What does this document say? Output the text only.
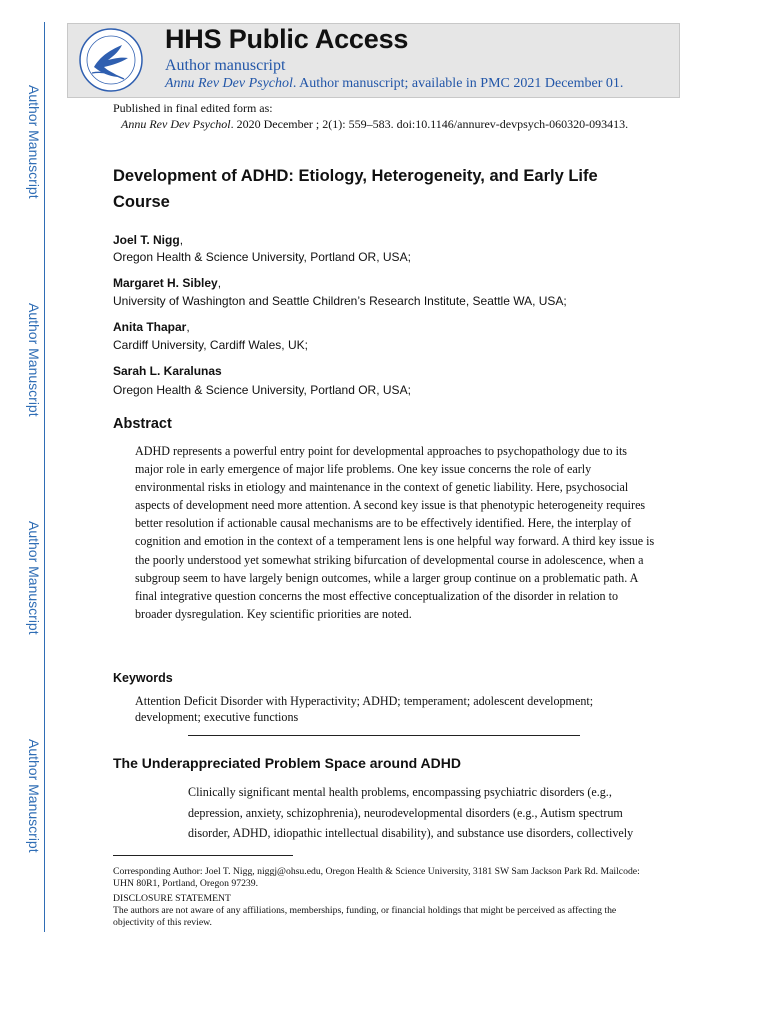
Author Manuscript
Author Manuscript
Author Manuscript
Author Manuscript
HHS Public Access
Author manuscript
Annu Rev Dev Psychol. Author manuscript; available in PMC 2021 December 01.
Published in final edited form as:
Annu Rev Dev Psychol. 2020 December ; 2(1): 559–583. doi:10.1146/annurev-devpsych-060320-093413.
Development of ADHD: Etiology, Heterogeneity, and Early Life Course
Joel T. Nigg,
Oregon Health & Science University, Portland OR, USA;
Margaret H. Sibley,
University of Washington and Seattle Children’s Research Institute, Seattle WA, USA;
Anita Thapar,
Cardiff University, Cardiff Wales, UK;
Sarah L. Karalunas
Oregon Health & Science University, Portland OR, USA;
Abstract
ADHD represents a powerful entry point for developmental approaches to psychopathology due to its major role in early emergence of major life problems. One key issue concerns the role of early environmental risks in etiology and maintenance in the context of genetic liability. Here, psychosocial aspects of development need more attention. A second key issue is that phenotypic heterogeneity requires better resolution if actionable causal mechanisms are to be effectively identified. Here, the interplay of cognition and emotion in the context of a temperament lens is one helpful way forward. A third key issue is the poorly understood yet somewhat striking bifurcation of developmental course in adolescence, when a subgroup seem to have largely benign outcomes, while a larger group continue on a problematic path. A final integrative question concerns the most effective conceptualization of the disorder in relation to broader dysregulation. Key scientific priorities are noted.
Keywords
Attention Deficit Disorder with Hyperactivity; ADHD; temperament; adolescent development; development; executive functions
The Underappreciated Problem Space around ADHD
Clinically significant mental health problems, encompassing psychiatric disorders (e.g., depression, anxiety, schizophrenia), neurodevelopmental disorders (e.g., Autism spectrum disorder, ADHD, idiopathic intellectual disability), and substance use disorders, collectively

Corresponding Author: Joel T. Nigg, niggj@ohsu.edu, Oregon Health & Science University, 3181 SW Sam Jackson Park Rd. Mailcode: UHN 80R1, Portland, Oregon 97239.

DISCLOSURE STATEMENT

The authors are not aware of any affiliations, memberships, funding, or financial holdings that might be perceived as affecting the objectivity of this review.
